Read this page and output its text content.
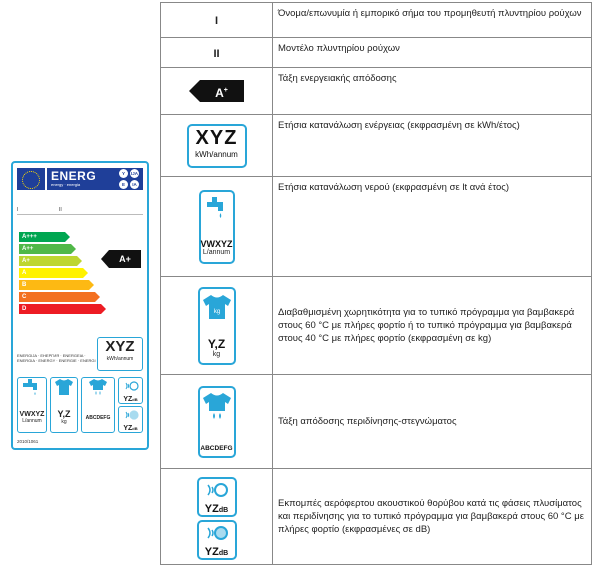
ENERG
energy · energia
Y	IJA
E	IA
I	II
A+++
A++
A+
A
B
C
D
A+
ENERGIJA · ЕНЕРГИЯ · ENERGEIA · ENERGIA · ENERGY · ENERGIE · ENERGI
XYZ
kWh/annum
VWXYZ
L/annum
Y,Z
kg
ABCDEFG
YZdB
YZdB
2010/1061
I	Όνομα/επωνυμία ή εμπορικό σήμα του προμηθευτή πλυντηρίου ρούχων
II	Μοντέλο πλυντηρίου ρούχων
A+	Τάξη ενεργειακής απόδοσης

XYZ
kWh/annum	Ετήσια κατανάλωση ενέργειας (εκφρασμένη σε kWh/έτος)

VWXYZ
L/annum	Ετήσια κατανάλωση νερού (εκφρασμένη σε lt ανά έτος)

kg
Y,Z
kg	Διαβαθμισμένη χωρητικότητα για το τυπικό πρόγραμμα για βαμβακερά στους 60 °C με πλήρες φορτίο ή το τυπικό πρόγραμμα για βαμβακερά στους 40 °C με πλήρες φορτίο (εκφρασμένη σε kg)

ABCDEFG	Τάξη απόδοσης περιδίνησης-στεγνώματος

YZdB
YZdB	Εκπομπές αερόφερτου ακουστικού θορύβου κατά τις φάσεις πλυσίματος και περιδίνησης για το τυπικό πρόγραμμα για βαμβακερά στους 60 °C με πλήρες φορτίο (εκφρασμένες σε dB)
